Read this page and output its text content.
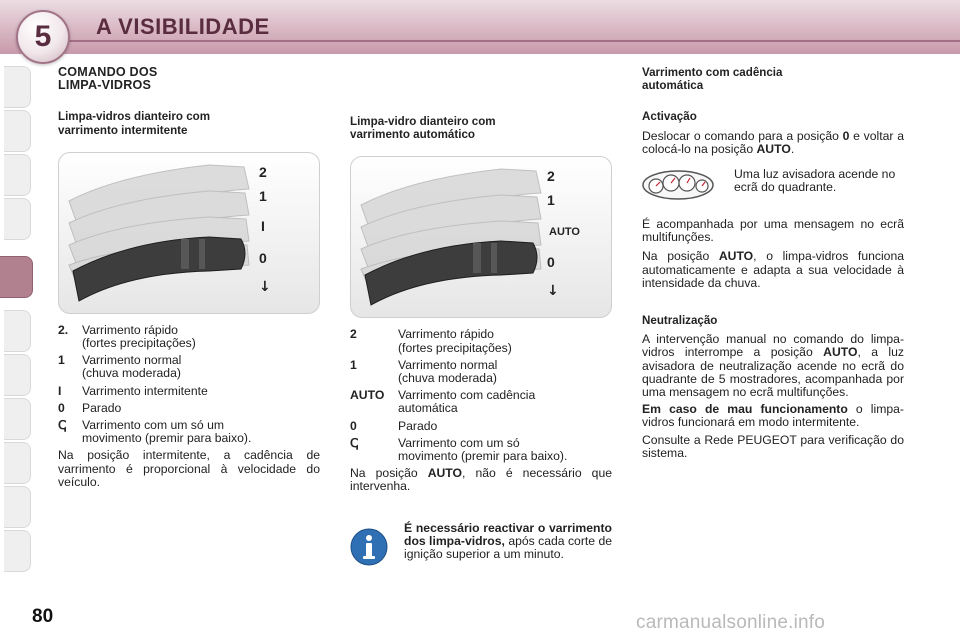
5	A VISIBILIDADE
COMANDO DOS
LIMPA-VIDROS
Limpa-vidros dianteiro com
varrimento intermitente
2
1
I
0
↓
2.	Varrimento rápido
(fortes precipitações)
1	Varrimento normal
(chuva moderada)
I	Varrimento intermitente
0	Parado
ↅ	Varrimento com um só um
movimento (premir para baixo).
Na posição intermitente, a cadência de varrimento é proporcional à velocidade do veículo.
Limpa-vidro dianteiro com
varrimento automático
2
1
AUTO
0
↓
2	Varrimento rápido
(fortes precipitações)
1	Varrimento normal
(chuva moderada)
AUTO	Varrimento com cadência
automática
0	Parado
ↅ	Varrimento com um só
movimento (premir para baixo).
Na posição AUTO, não é necessário que intervenha.
É necessário reactivar o varrimento dos limpa-vidros, após cada corte de ignição superior a um minuto.
Varrimento com cadência
automática
Activação
Deslocar o comando para a posição 0 e voltar a colocá-lo na posição AUTO.
Uma luz avisadora acende no ecrã do quadrante.
É acompanhada por uma mensagem no ecrã multifunções.
Na posição AUTO, o limpa-vidros funciona automaticamente e adapta a sua velocidade à intensidade da chuva.
Neutralização
A intervenção manual no comando do limpa-vidros interrompe a posição AUTO, a luz avisadora de neutralização acende no ecrã do quadrante de 5 mostradores, acompanhada por uma mensagem no ecrã multifunções.
Em caso de mau funcionamento o limpa-vidros funcionará em modo intermitente.
Consulte a Rede PEUGEOT para verificação do sistema.
80	carmanualsonline.info
